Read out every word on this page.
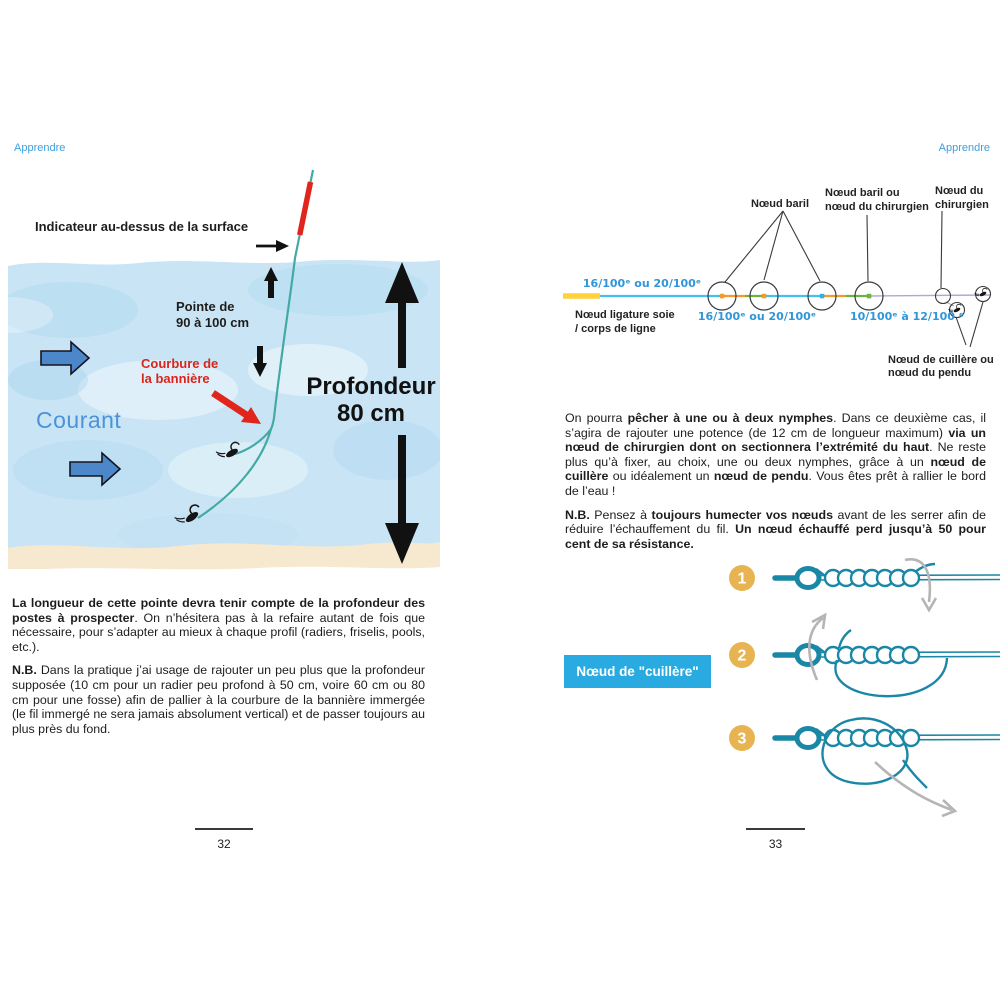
Apprendre	Apprendre
Indicateur au-dessus de la surface
Pointe de
90 à 100 cm
Courbure de
la bannière
Courant
Profondeur
80 cm

La longueur de cette pointe devra tenir compte de la profondeur des postes à prospecter. On n’hésitera pas à la refaire autant de fois que nécessaire, pour s’adapter au mieux à chaque profil (radiers, friselis, pools, etc.).

N.B. Dans la pratique j’ai usage de rajouter un peu plus que la profondeur supposée (10 cm pour un radier peu profond à 50 cm, voire 60 cm ou 80 cm pour une fosse) afin de pallier à la courbure de la bannière immergée (le fil immergé ne sera jamais absolument vertical) et de passer toujours au plus près du fond.

32
Nœud baril
Nœud baril ou
nœud du chirurgien
Nœud du
chirurgien
16/100ᵉ ou 20/100ᵉ
Nœud ligature soie
/ corps de ligne
16/100ᵉ ou 20/100ᵉ	10/100ᵉ à 12/100 ᵉ
Nœud de cuillère ou
nœud du pendu

On pourra pêcher à une ou à deux nymphes. Dans ce deuxième cas, il s’agira de rajouter une potence (de 12 cm de longueur maximum) via un nœud de chirurgien dont on sectionnera l’extrémité du haut. Ne reste plus qu’à fixer, au choix, une ou deux nymphes, grâce à un nœud de cuillère ou idéalement un nœud de pendu. Vous êtes prêt à rallier le bord de l’eau !

N.B. Pensez à toujours humecter vos nœuds avant de les serrer afin de réduire l’échauffement du fil. Un nœud échauffé perd jusqu’à 50 pour cent de sa résistance.

Nœud de "cuillère"
1
2
3
33
